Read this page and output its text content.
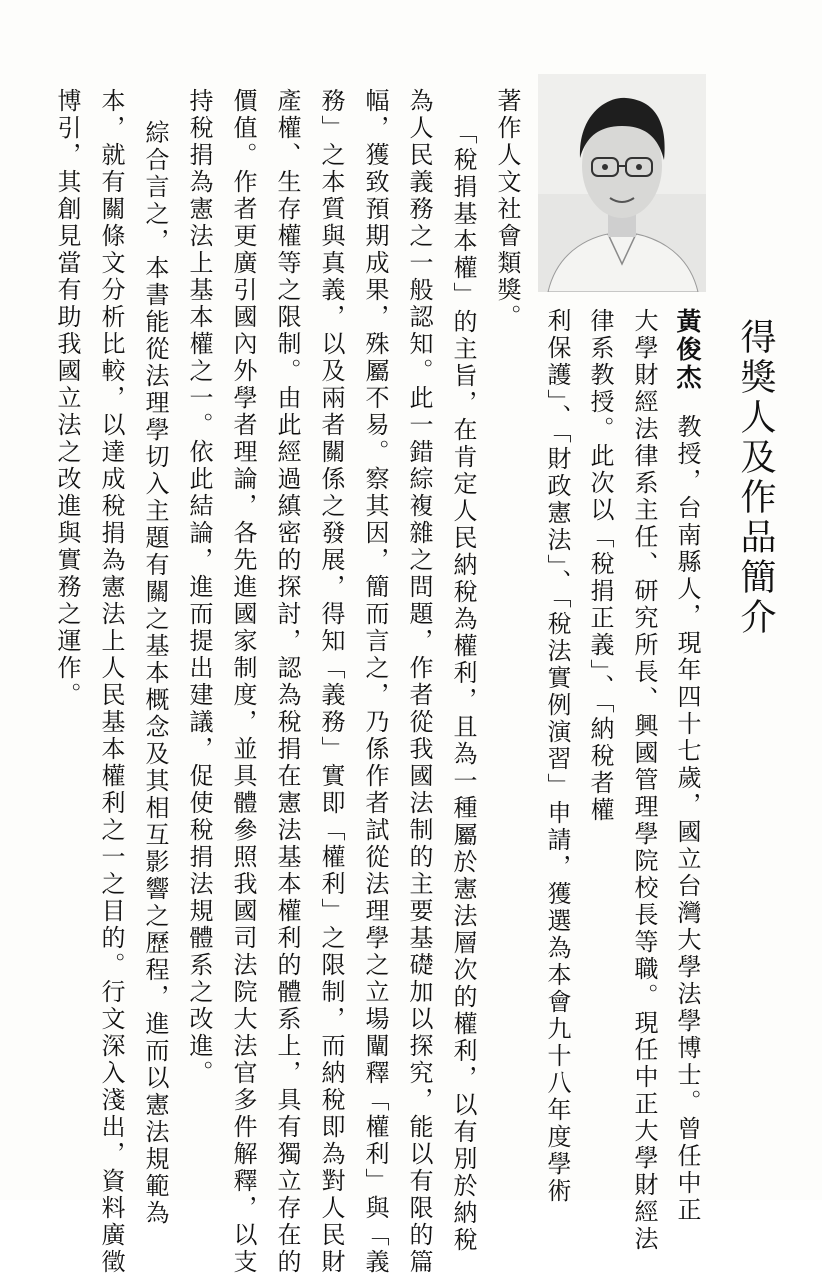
得獎人及作品簡介
黃俊杰教授，台南縣人，現年四十七歲，國立台灣大學法學博士。曾任中正
大學財經法律系主任、研究所長、興國管理學院校長等職。現任中正大學財經法
律系教授。此次以「稅捐正義」、「納稅者權
利保護」、「財政憲法」、「稅法實例演習」申請，獲選為本會九十八年度學術
著作人文社會類獎。
「稅捐基本權」的主旨，在肯定人民納稅為權利，且為一種屬於憲法層次的權利，以有別於納稅
為人民義務之一般認知。此一錯綜複雜之問題，作者從我國法制的主要基礎加以探究，能以有限的篇
幅，獲致預期成果，殊屬不易。察其因，簡而言之，乃係作者試從法理學之立場闡釋「權利」與「義
務」之本質與真義，以及兩者關係之發展，得知「義務」實即「權利」之限制，而納稅即為對人民財
產權、生存權等之限制。由此經過縝密的探討，認為稅捐在憲法基本權利的體系上，具有獨立存在的
價值。作者更廣引國內外學者理論，各先進國家制度，並具體參照我國司法院大法官多件解釋，以支
持稅捐為憲法上基本權之一。依此結論，進而提出建議，促使稅捐法規體系之改進。
綜合言之，本書能從法理學切入主題有關之基本概念及其相互影響之歷程，進而以憲法規範為
本，就有關條文分析比較，以達成稅捐為憲法上人民基本權利之一之目的。行文深入淺出，資料廣徵
博引，其創見當有助我國立法之改進與實務之運作。
